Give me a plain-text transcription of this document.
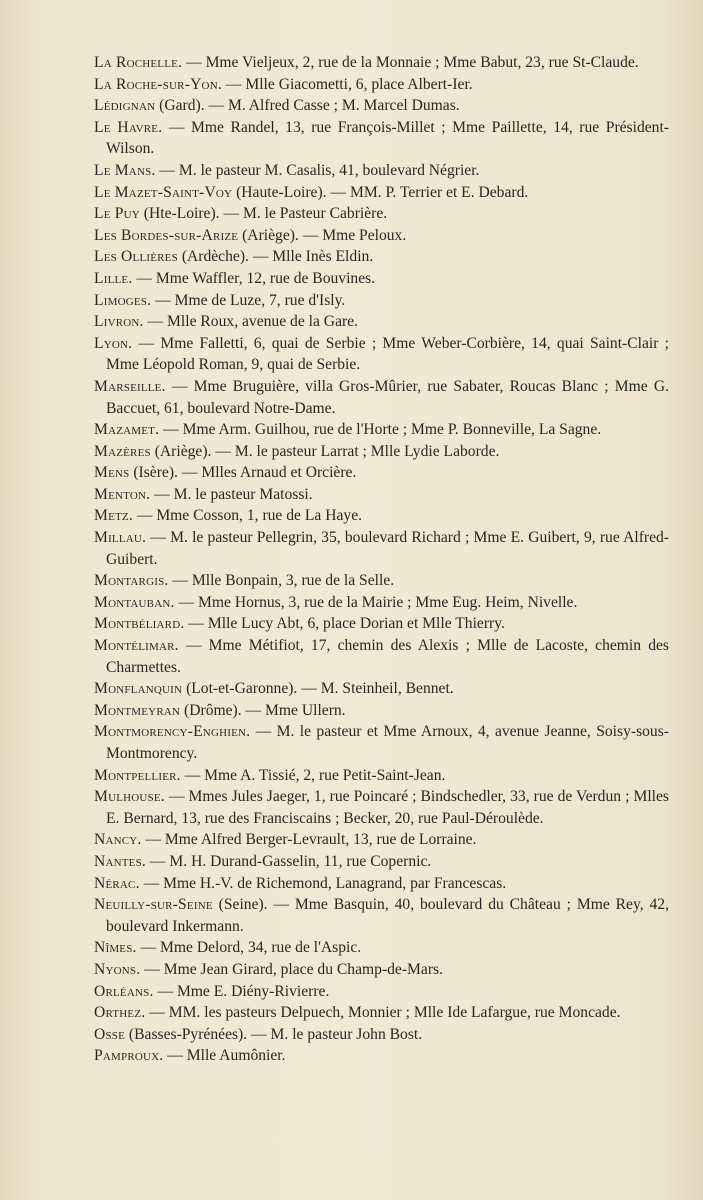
La Rochelle. — Mme Vieljeux, 2, rue de la Monnaie ; Mme Babut, 23, rue St-Claude.
La Roche-sur-Yon. — Mlle Giacometti, 6, place Albert-Ier.
Lédignan (Gard). — M. Alfred Casse ; M. Marcel Dumas.
Le Havre. — Mme Randel, 13, rue François-Millet ; Mme Paillette, 14, rue Président-Wilson.
Le Mans. — M. le pasteur M. Casalis, 41, boulevard Négrier.
Le Mazet-Saint-Voy (Haute-Loire). — MM. P. Terrier et E. Debard.
Le Puy (Hte-Loire). — M. le Pasteur Cabrière.
Les Bordes-sur-Arize (Ariège). — Mme Peloux.
Les Ollières (Ardèche). — Mlle Inès Eldin.
Lille. — Mme Waffler, 12, rue de Bouvines.
Limoges. — Mme de Luze, 7, rue d'Isly.
Livron. — Mlle Roux, avenue de la Gare.
Lyon. — Mme Falletti, 6, quai de Serbie ; Mme Weber-Corbière, 14, quai Saint-Clair ; Mme Léopold Roman, 9, quai de Serbie.
Marseille. — Mme Bruguière, villa Gros-Mûrier, rue Sabater, Roucas Blanc ; Mme G. Baccuet, 61, boulevard Notre-Dame.
Mazamet. — Mme Arm. Guilhou, rue de l'Horte ; Mme P. Bonneville, La Sagne.
Mazères (Ariège). — M. le pasteur Larrat ; Mlle Lydie Laborde.
Mens (Isère). — Mlles Arnaud et Orcière.
Menton. — M. le pasteur Matossi.
Metz. — Mme Cosson, 1, rue de La Haye.
Millau. — M. le pasteur Pellegrin, 35, boulevard Richard ; Mme E. Guibert, 9, rue Alfred-Guibert.
Montargis. — Mlle Bonpain, 3, rue de la Selle.
Montauban. — Mme Hornus, 3, rue de la Mairie ; Mme Eug. Heim, Nivelle.
Montbéliard. — Mlle Lucy Abt, 6, place Dorian et Mlle Thierry.
Montélimar. — Mme Métifiot, 17, chemin des Alexis ; Mlle de Lacoste, chemin des Charmettes.
Monflanquin (Lot-et-Garonne). — M. Steinheil, Bennet.
Montmeyran (Drôme). — Mme Ullern.
Montmorency-Enghien. — M. le pasteur et Mme Arnoux, 4, avenue Jeanne, Soisy-sous-Montmorency.
Montpellier. — Mme A. Tissié, 2, rue Petit-Saint-Jean.
Mulhouse. — Mmes Jules Jaeger, 1, rue Poincaré ; Bindschedler, 33, rue de Verdun ; Mlles E. Bernard, 13, rue des Franciscains ; Becker, 20, rue Paul-Déroulède.
Nancy. — Mme Alfred Berger-Levrault, 13, rue de Lorraine.
Nantes. — M. H. Durand-Gasselin, 11, rue Copernic.
Nérac. — Mme H.-V. de Richemond, Lanagrand, par Francescas.
Neuilly-sur-Seine (Seine). — Mme Basquin, 40, boulevard du Château ; Mme Rey, 42, boulevard Inkermann.
Nîmes. — Mme Delord, 34, rue de l'Aspic.
Nyons. — Mme Jean Girard, place du Champ-de-Mars.
Orléans. — Mme E. Diény-Rivierre.
Orthez. — MM. les pasteurs Delpuech, Monnier ; Mlle Ide Lafargue, rue Moncade.
Osse (Basses-Pyrénées). — M. le pasteur John Bost.
Pamproux. — Mlle Aumônier.
